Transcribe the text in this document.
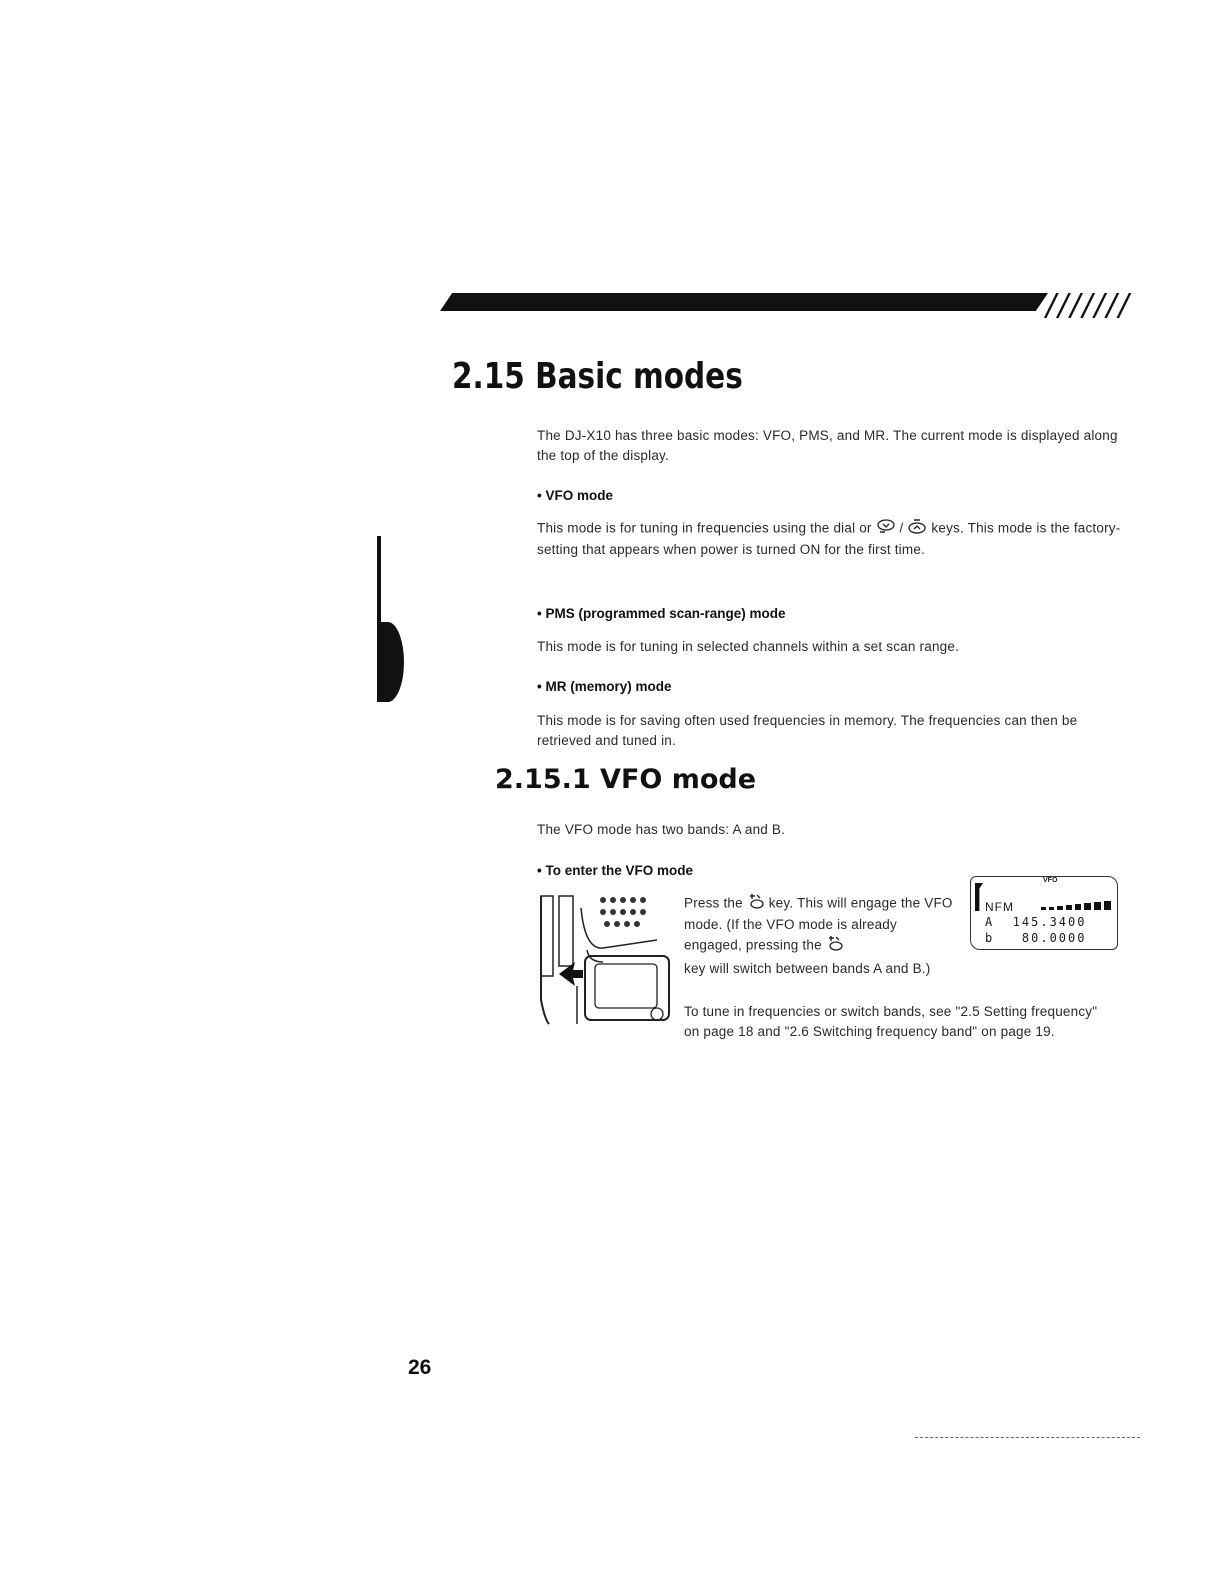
///////
2.15 Basic modes
The DJ-X10 has three basic modes: VFO, PMS, and MR. The current mode is displayed along the top of the display.
• VFO mode
This mode is for tuning in frequencies using the dial or / keys. This mode is the factory-setting that appears when power is turned ON for the first time.
• PMS (programmed scan-range) mode
This mode is for tuning in selected channels within a set scan range.
• MR (memory) mode
This mode is for saving often used frequencies in memory. The frequencies can then be retrieved and tuned in.
2.15.1 VFO mode
The VFO mode has two bands: A and B.
• To enter the VFO mode
Press the key. This will engage the VFO mode. (If the VFO mode is already engaged, pressing the
key will switch between bands A and B.)
VFO
NFM
A  145.3400
b   80.0000
To tune in frequencies or switch bands, see "2.5 Setting frequency" on page 18 and "2.6 Switching frequency band" on page 19.
26
